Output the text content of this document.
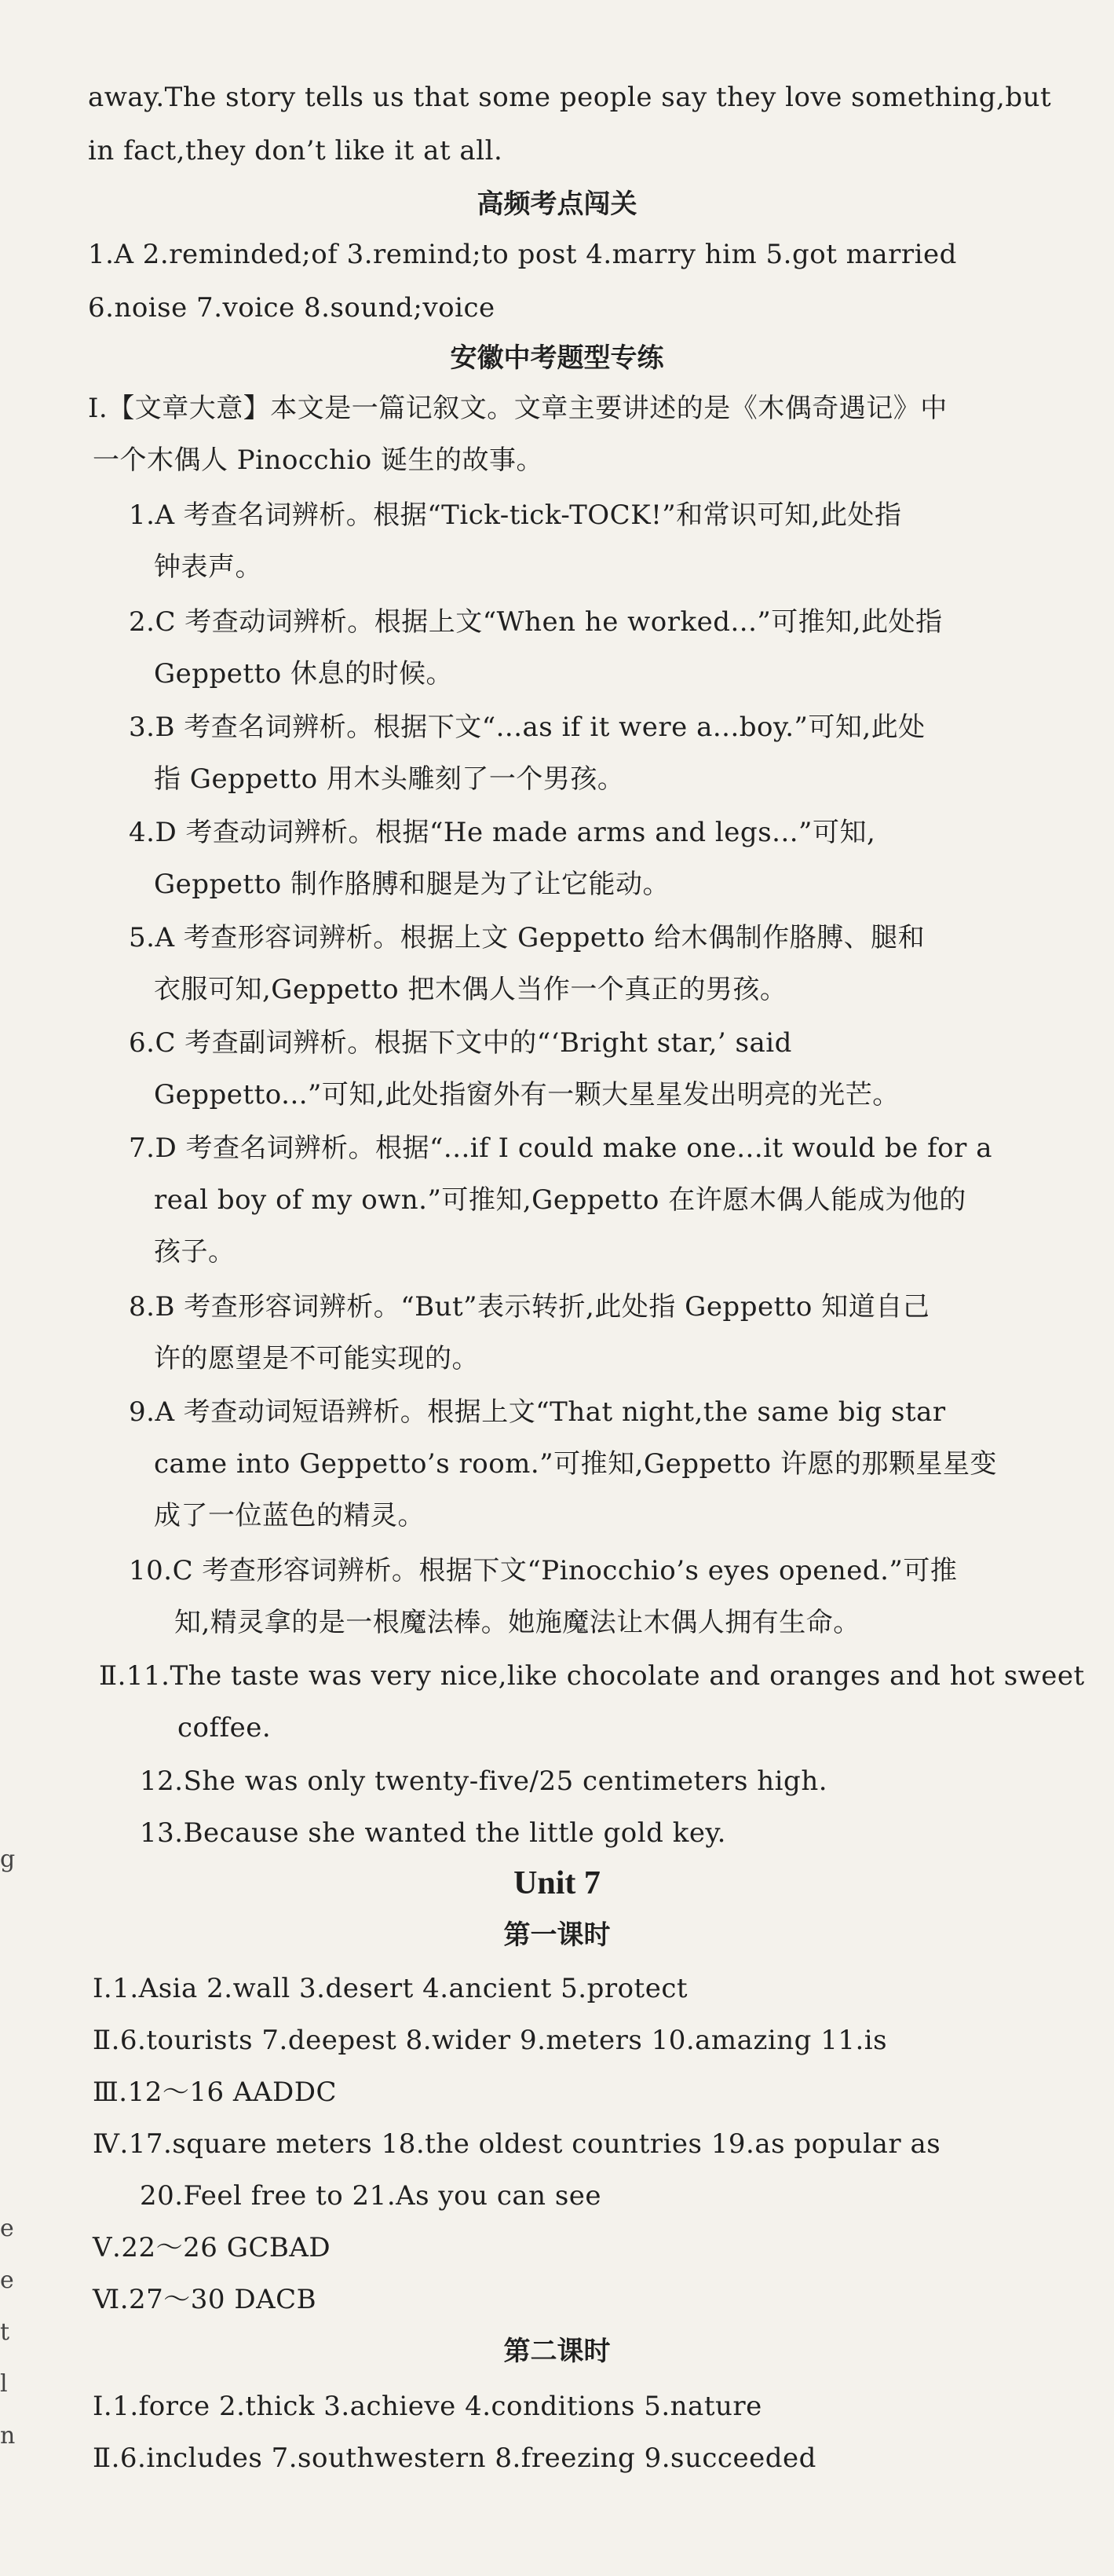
away.The story tells us that some people say they love something,but
in fact,they don’t like it at all.
高频考点闯关
1.A 2.reminded;of 3.remind;to post 4.marry him 5.got married
6.noise 7.voice 8.sound;voice
安徽中考题型专练
Ⅰ.【文章大意】本文是一篇记叙文。文章主要讲述的是《木偶奇遇记》中
一个木偶人 Pinocchio 诞生的故事。
1.A 考查名词辨析。根据“Tick-tick-TOCK!”和常识可知,此处指
钟表声。
2.C 考查动词辨析。根据上文“When he worked...”可推知,此处指
Geppetto 休息的时候。
3.B 考查名词辨析。根据下文“...as if it were a...boy.”可知,此处
指 Geppetto 用木头雕刻了一个男孩。
4.D 考查动词辨析。根据“He made arms and legs...”可知,
Geppetto 制作胳膊和腿是为了让它能动。
5.A 考查形容词辨析。根据上文 Geppetto 给木偶制作胳膊、腿和
衣服可知,Geppetto 把木偶人当作一个真正的男孩。
6.C 考查副词辨析。根据下文中的“‘Bright star,’ said
Geppetto...”可知,此处指窗外有一颗大星星发出明亮的光芒。
7.D 考查名词辨析。根据“...if I could make one...it would be for a
real boy of my own.”可推知,Geppetto 在许愿木偶人能成为他的
孩子。
8.B 考查形容词辨析。“But”表示转折,此处指 Geppetto 知道自己
许的愿望是不可能实现的。
9.A 考查动词短语辨析。根据上文“That night,the same big star
came into Geppetto’s room.”可推知,Geppetto 许愿的那颗星星变
成了一位蓝色的精灵。
10.C 考查形容词辨析。根据下文“Pinocchio’s eyes opened.”可推
知,精灵拿的是一根魔法棒。她施魔法让木偶人拥有生命。
Ⅱ.11.The taste was very nice,like chocolate and oranges and hot sweet
coffee.
12.She was only twenty-five/25 centimeters high.
13.Because she wanted the little gold key.
Unit 7
第一课时
Ⅰ.1.Asia 2.wall 3.desert 4.ancient 5.protect
Ⅱ.6.tourists 7.deepest 8.wider 9.meters 10.amazing 11.is
Ⅲ.12～16 AADDC
Ⅳ.17.square meters 18.the oldest countries 19.as popular as
20.Feel free to 21.As you can see
Ⅴ.22～26 GCBAD
Ⅵ.27～30 DACB
第二课时
Ⅰ.1.force 2.thick 3.achieve 4.conditions 5.nature
Ⅱ.6.includes 7.southwestern 8.freezing 9.succeeded
g
e
e
t
l
n
